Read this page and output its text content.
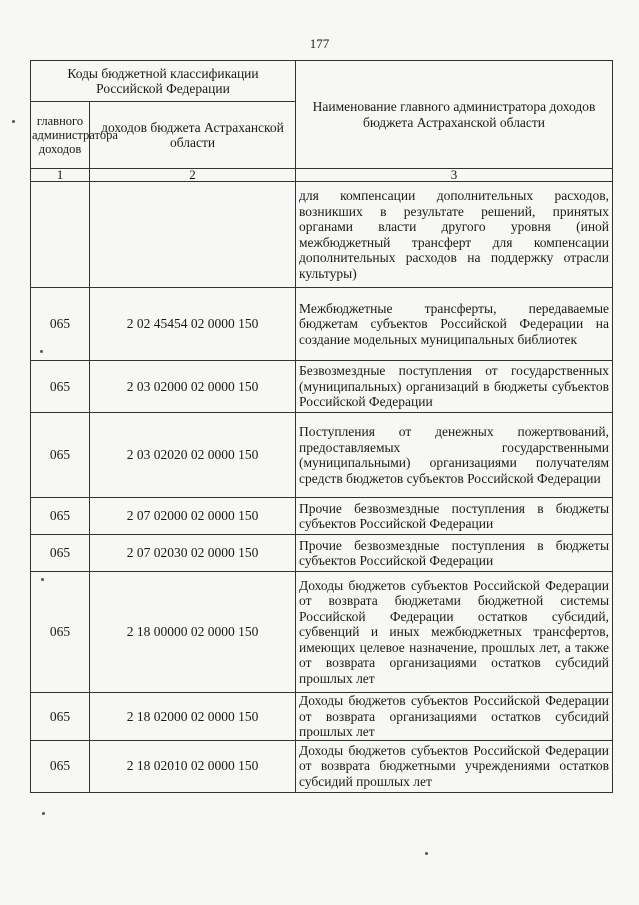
177
Коды бюджетной классификации Российской Федерации		Наименование главного администратора доходов бюджета Астраханской области
главного администратора доходов	доходов бюджета Астраханской области	
1	2	3
		для компенсации дополнительных расходов, возникших в результате решений, принятых органами власти другого уровня (иной межбюджетный трансферт для компенсации дополнительных расходов на поддержку отрасли культуры)
065	2 02 45454 02 0000 150	Межбюджетные трансферты, передаваемые бюджетам субъектов Российской Федерации на создание модельных муниципальных библиотек
065	2 03 02000 02 0000 150	Безвозмездные поступления от государственных (муниципальных) организаций в бюджеты субъектов Российской Федерации
065	2 03 02020 02 0000 150	Поступления от денежных пожертвований, предоставляемых государственными (муниципальными) организациями получателям средств бюджетов субъектов Российской Федерации
065	2 07 02000 02 0000 150	Прочие безвозмездные поступления в бюджеты субъектов Российской Федерации
065	2 07 02030 02 0000 150	Прочие безвозмездные поступления в бюджеты субъектов Российской Федерации
065	2 18 00000 02 0000 150	Доходы бюджетов субъектов Российской Федерации от возврата бюджетами бюджетной системы Российской Федерации остатков субсидий, субвенций и иных межбюджетных трансфертов, имеющих целевое назначение, прошлых лет, а также от возврата организациями остатков субсидий прошлых лет
065	2 18 02000 02 0000 150	Доходы бюджетов субъектов Российской Федерации от возврата организациями остатков субсидий прошлых лет
065	2 18 02010 02 0000 150	Доходы бюджетов субъектов Российской Федерации от возврата бюджетными учреждениями остатков субсидий прошлых лет
